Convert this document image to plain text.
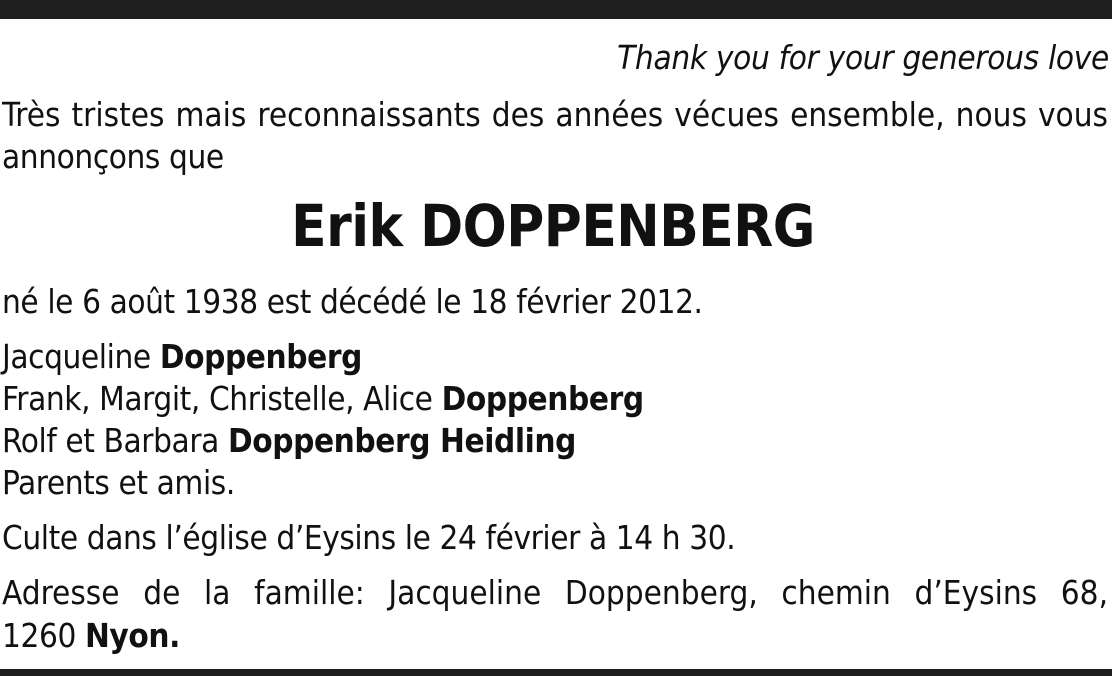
Thank you for your generous love
Très tristes mais reconnaissants des années vécues ensemble, nous vous
annonçons que
Erik DOPPENBERG
né le 6 août 1938 est décédé le 18 février 2012.
Jacqueline Doppenberg
Frank, Margit, Christelle, Alice Doppenberg
Rolf et Barbara Doppenberg Heidling
Parents et amis.
Culte dans l’église d’Eysins le 24 février à 14 h 30.
Adresse de la famille: Jacqueline Doppenberg, chemin d’Eysins 68,
1260 Nyon.
